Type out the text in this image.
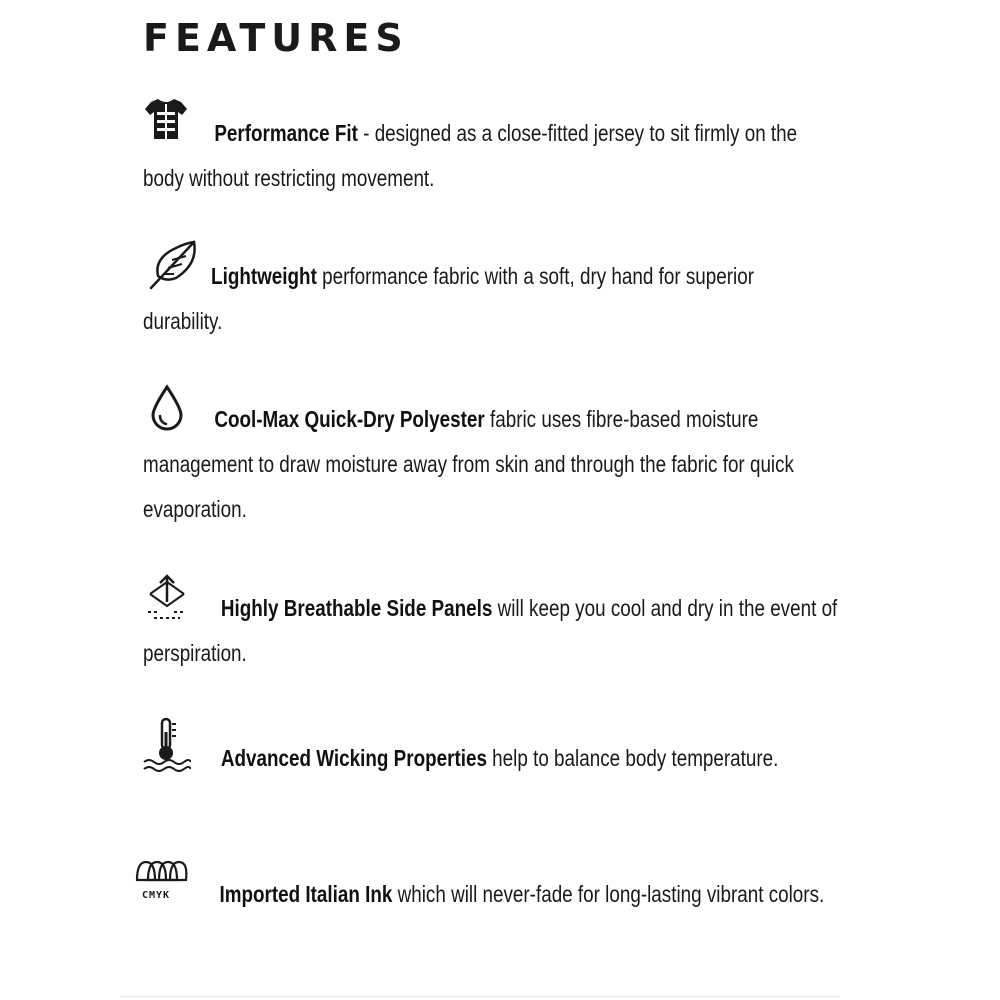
FEATURES

Performance Fit - designed as a close-fitted jersey to sit firmly on the body without restricting movement.

Lightweight performance fabric with a soft, dry hand for superior durability.

Cool-Max Quick-Dry Polyester fabric uses fibre-based moisture management to draw moisture away from skin and through the fabric for quick evaporation.

Highly Breathable Side Panels will keep you cool and dry in the event of perspiration.

Advanced Wicking Properties help to balance body temperature.

CMYK	Imported Italian Ink which will never-fade for long-lasting vibrant colors.
